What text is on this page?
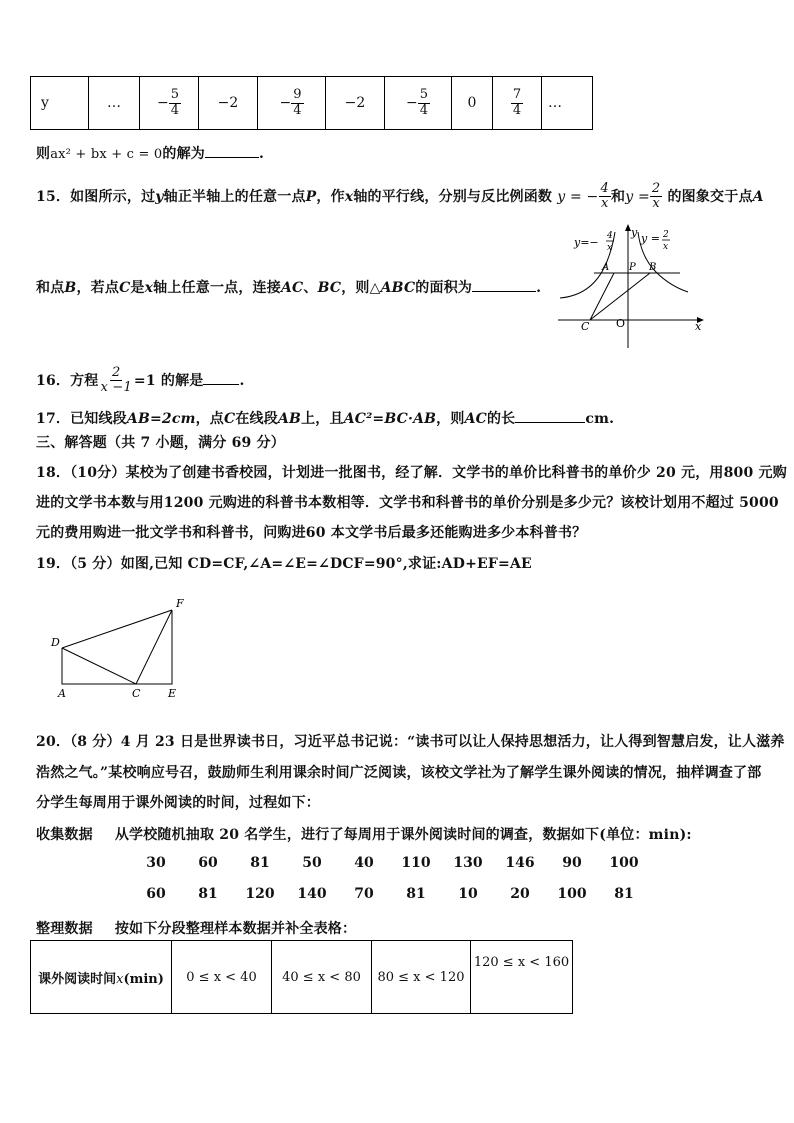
y	…	− $\frac{5}{4}$	−2	− $\frac{9}{4}$	−2	− $\frac{5}{4}$	0	$\frac{7}{4}$	…
则ax² + bx + c = 0的解为	.
15．如图所示，过y轴正半轴上的任意一点P，作x轴的平行线，分别与反比例函数 y = − $\frac{4}{x}$ 和$y = \frac{2}{x}$ 的图象交于点A
和点B，若点C是x轴上任意一点，连接AC、BC，则△ABC的面积为	.
y=− 4
x
y = 2
x
y
x
O
A P B
C
16．方程 $\frac{2}{x -1} =1$ 的解是	.
17．已知线段AB=2cm，点C在线段AB上，且AC²=BC·AB，则AC的长	cm.
三、解答题（共 7 小题，满分 69 分）
18．（10分）某校为了创建书香校园，计划进一批图书，经了解．文学书的单价比科普书的单价少 20 元，用800 元购
进的文学书本数与用1200 元购进的科普书本数相等．文学书和科普书的单价分别是多少元？该校计划用不超过 5000
元的费用购进一批文学书和科普书，问购进60 本文学书后最多还能购进多少本科普书？
19．（5 分）如图,已知 CD=CF,∠A=∠E=∠DCF=90°,求证:AD+EF=AE
D
F
A	C	E
20．（8 分）4 月 23 日是世界读书日，习近平总书记说：“读书可以让人保持思想活力，让人得到智慧启发，让人滋养
浩然之气。”某校响应号召，鼓励师生利用课余时间广泛阅读，该校文学社为了解学生课外阅读的情况，抽样调查了部
分学生每周用于课外阅读的时间，过程如下：
收集数据 从学校随机抽取 20 名学生，进行了每周用于课外阅读时间的调查，数据如下(单位：min):
30 60 81 50 40 110 130 146 90 100
60 81 120 140 70 81 10 20 100 81
整理数据 按如下分段整理样本数据并补全表格：
课外阅读时间x(min)	0 ≤ x < 40	40 ≤ x < 80	80 ≤ x < 120	120 ≤ x < 160
